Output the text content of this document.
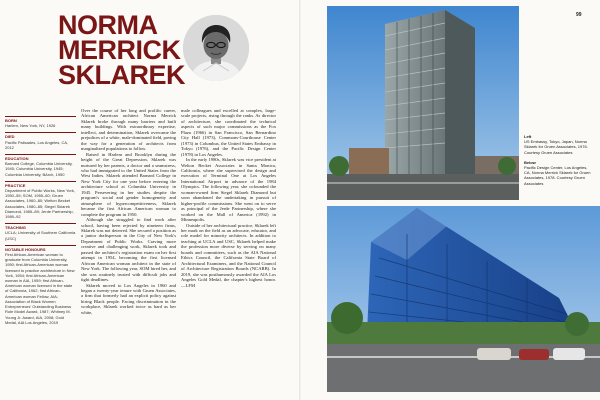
NORMA
MERRICK
SKLAREK
BORN
Harlem, New York, NY, 1926
DIED
Pacific Palisades, Los Angeles, CA, 2012
EDUCATION
Barnard College, Columbia University, 1945; Columbia University, 1945; Columbia University, BArch, 1950
PRACTICE
Department of Public Works, New York, 1950–55; SOM, 1955–60; Gruen Associates, 1960–80; Welton Becket Associates, 1980–85; Siegel Sklarek Diamond, 1985–89; Jerde Partnership, 1989–92
TEACHING
UCLA; University of Southern California (USC)
NOTABLE HONOURS
First African-American woman to graduate from Columbia University, 1950; first African-American woman licensed to practice architecture in New York, 1954; first African-American woman in AIA, 1959; first African-American woman licensed in the state of California, 1962; first African-American woman Fellow, AIA; Association of Black Women Entrepreneurs' Outstanding Business Role Model Award, 1987; Whitney M. Young Jr. Award, AIA, 2008; Gold Medal, AIA Los Angeles, 2019

Over the course of her long and prolific career, African American architect Norma Merrick Sklarek broke through many barriers and built many buildings. With extraordinary expertise, intellect, and determination, Sklarek overcame the prejudices of a white, male-dominated field, paving the way for a generation of architects from marginalized populations to follow.

Raised in Harlem and Brooklyn during the height of the Great Depression, Sklarek was nurtured by her parents, a doctor and a seamstress, who had immigrated to the United States from the West Indies. Sklarek attended Barnard College in New York City for one year before entering the architecture school at Columbia University in 1945. Persevering in her studies despite the program's social and gender homogeneity and atmosphere of hypercompetitiveness, Sklarek became the first African American woman to complete the program in 1950.

Although she struggled to find work after school, having been rejected by nineteen firms, Sklarek was not deterred. She secured a position as a junior draftsperson in the City of New York's Department of Public Works. Craving more creative and challenging work, Sklarek took and passed the architect's registration exam on her first attempt in 1954, becoming the first licensed African American woman architect in the state of New York. The following year, SOM hired her, and she was routinely trusted with difficult jobs and tight deadlines.

Sklarek moved to Los Angeles in 1960 and began a twenty-year tenure with Gruen Associates, a firm that formerly had an explicit policy against hiring Black people. Facing discrimination in the workplace, Sklarek worked twice as hard as her white,

male colleagues and excelled at complex, large-scale projects, rising through the ranks. As director of architecture, she coordinated the technical aspects of such major commissions as the Fox Plaza (1966) in San Francisco, San Bernardino City Hall (1973), Commons-Courthouse Center (1973) in Columbus, the United States Embassy in Tokyo (1976), and the Pacific Design Center (1978) in Los Angeles.

In the early 1980s, Sklarek was vice president at Welton Becket Associates in Santa Monica, California, where she supervised the design and execution of Terminal One at Los Angeles International Airport in advance of the 1984 Olympics. The following year, she cofounded the woman-owned firm Siegel Sklarek Diamond but soon abandoned the undertaking in pursuit of higher-profile commissions. She went on to serve as principal of the Jerde Partnership, where she worked on the Mall of America (1992) in Minneapolis.

Outside of her architectural practice, Sklarek left her mark on the field as an advocate, educator, and role model for minority architects. In addition to teaching at UCLA and USC, Sklarek helped make the profession more diverse by serving on many boards and committees, such as the AIA National Ethics Council, the California State Board of Architectural Examiners, and the National Council of Architecture Registration Boards (NCARB). In 2019, she was posthumously awarded the AIA Los Angeles Gold Medal, the chapter's highest honor. —LFM

99
Left
US Embassy, Tokyo, Japan, Norma Sklarek for Gruen Associates, 1976. Courtesy Gruen Associates
Below
Pacific Design Center, Los Angeles, CA, Norma Merrick Sklarek for Gruen Associates, 1978. Courtesy Gruen Associates
